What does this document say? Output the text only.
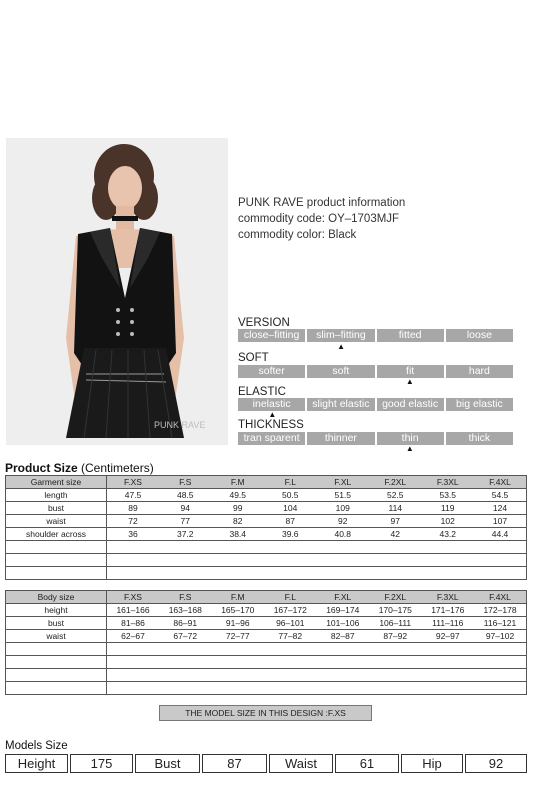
PUNK RAVE
PUNK RAVE product information
commodity code: OY–1703MJF
commodity color: Black
VERSION
close–fitting	slim–fitting	fitted	loose
▲
SOFT
softer	soft	fit	hard
▲
ELASTIC
inelastic	slight elastic	good elastic	big elastic
▲
THICKNESS
tran sparent	thinner	thin	thick
▲
Product Size (Centimeters)
Garment size	F.XS	F.S	F.M	F.L	F.XL	F.2XL	F.3XL	F.4XL
length	47.5	48.5	49.5	50.5	51.5	52.5	53.5	54.5
bust	89	94	99	104	109	114	119	124
waist	72	77	82	87	92	97	102	107
shoulder across	36	37.2	38.4	39.6	40.8	42	43.2	44.4

Body size	F.XS	F.S	F.M	F.L	F.XL	F.2XL	F.3XL	F.4XL
height	161–166	163–168	165–170	167–172	169–174	170–175	171–176	172–178
bust	81–86	86–91	91–96	96–101	101–106	106–111	111–116	116–121
waist	62–67	67–72	72–77	77–82	82–87	87–92	92–97	97–102

THE MODEL SIZE IN THIS DESIGN :F.XS
Models Size
Height	175	Bust	87	Waist	61	Hip	92
